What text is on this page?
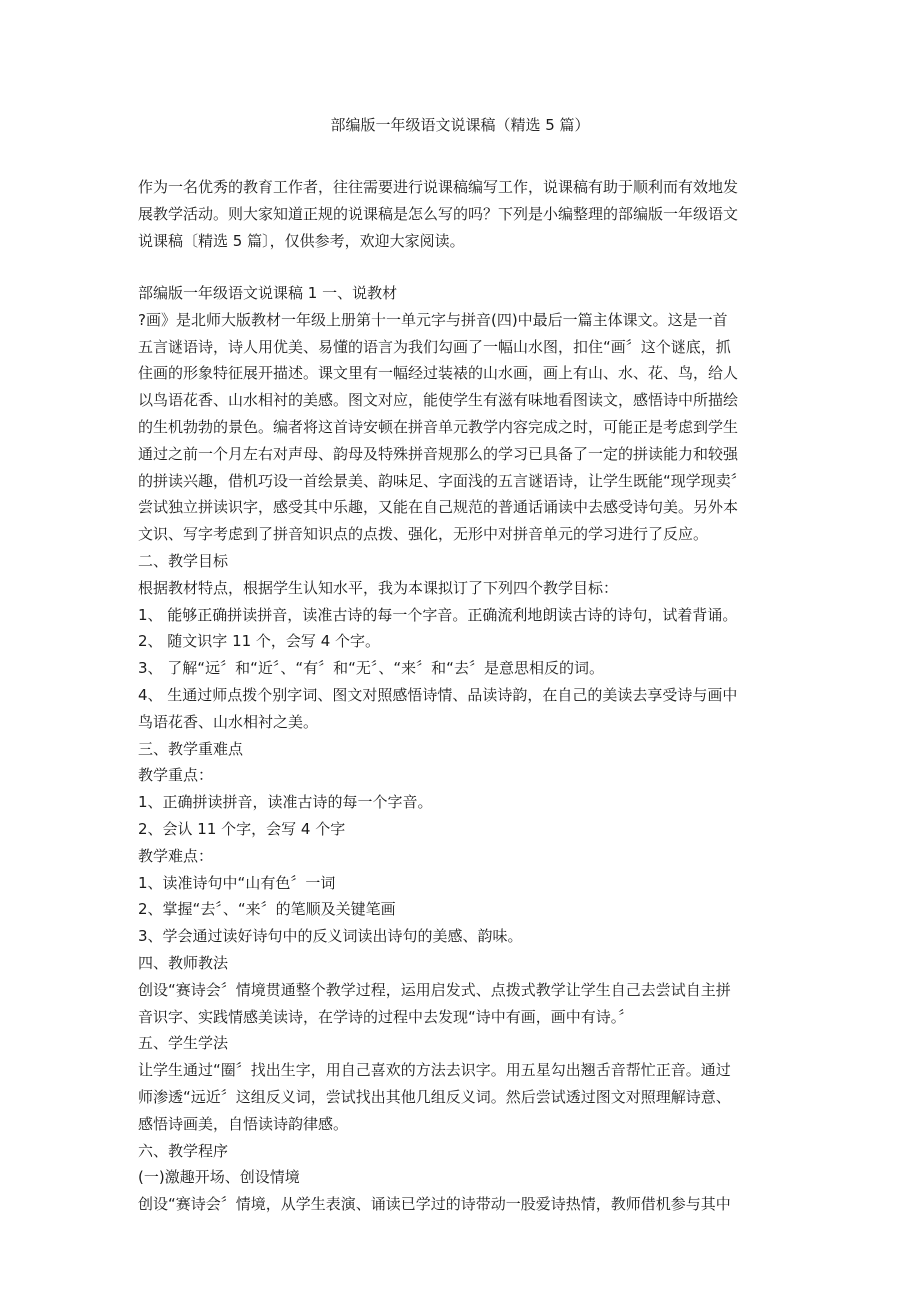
部编版一年级语文说课稿（精选 5 篇）
作为一名优秀的教育工作者，往往需要进行说课稿编写工作，说课稿有助于顺利而有效地发
展教学活动。则大家知道正规的说课稿是怎么写的吗？下列是小编整理的部编版一年级语文
说课稿〔精选 5 篇〕，仅供参考，欢迎大家阅读。
部编版一年级语文说课稿 1 一、说教材
?画》是北师大版教材一年级上册第十一单元字与拼音(四)中最后一篇主体课文。这是一首
五言谜语诗，诗人用优美、易懂的语言为我们勾画了一幅山水图，扣住“画〞这个谜底，抓
住画的形象特征展开描述。课文里有一幅经过装裱的山水画，画上有山、水、花、鸟，给人
以鸟语花香、山水相衬的美感。图文对应，能使学生有滋有味地看图读文，感悟诗中所描绘
的生机勃勃的景色。编者将这首诗安顿在拼音单元教学内容完成之时，可能正是考虑到学生
通过之前一个月左右对声母、韵母及特殊拼音规那么的学习已具备了一定的拼读能力和较强
的拼读兴趣，借机巧设一首绘景美、韵味足、字面浅的五言谜语诗，让学生既能“现学现卖〞
尝试独立拼读识字，感受其中乐趣，又能在自己规范的普通话诵读中去感受诗句美。另外本
文识、写字考虑到了拼音知识点的点拨、强化，无形中对拼音单元的学习进行了反应。
二、教学目标
根据教材特点，根据学生认知水平，我为本课拟订了下列四个教学目标：
1、 能够正确拼读拼音，读准古诗的每一个字音。正确流利地朗读古诗的诗句，试着背诵。
2、 随文识字 11 个，会写 4 个字。
3、 了解“远〞和“近〞、“有〞和“无〞、“来〞和“去〞是意思相反的词。
4、 生通过师点拨个别字词、图文对照感悟诗情、品读诗韵，在自己的美读去享受诗与画中
鸟语花香、山水相衬之美。
三、教学重难点
教学重点：
1、正确拼读拼音，读准古诗的每一个字音。
2、会认 11 个字，会写 4 个字
教学难点：
1、读准诗句中“山有色〞一词
2、掌握“去〞、“来〞的笔顺及关键笔画
3、学会通过读好诗句中的反义词读出诗句的美感、韵味。
四、教师教法
创设“赛诗会〞情境贯通整个教学过程，运用启发式、点拨式教学让学生自己去尝试自主拼
音识字、实践情感美读诗，在学诗的过程中去发现“诗中有画，画中有诗。〞
五、学生学法
让学生通过“圈〞找出生字，用自己喜欢的方法去识字。用五星勾出翘舌音帮忙正音。通过
师渗透“远近〞这组反义词，尝试找出其他几组反义词。然后尝试透过图文对照理解诗意、
感悟诗画美，自悟读诗韵律感。
六、教学程序
(一)激趣开场、创设情境
创设“赛诗会〞情境，从学生表演、诵读已学过的诗带动一股爱诗热情，教师借机参与其中
